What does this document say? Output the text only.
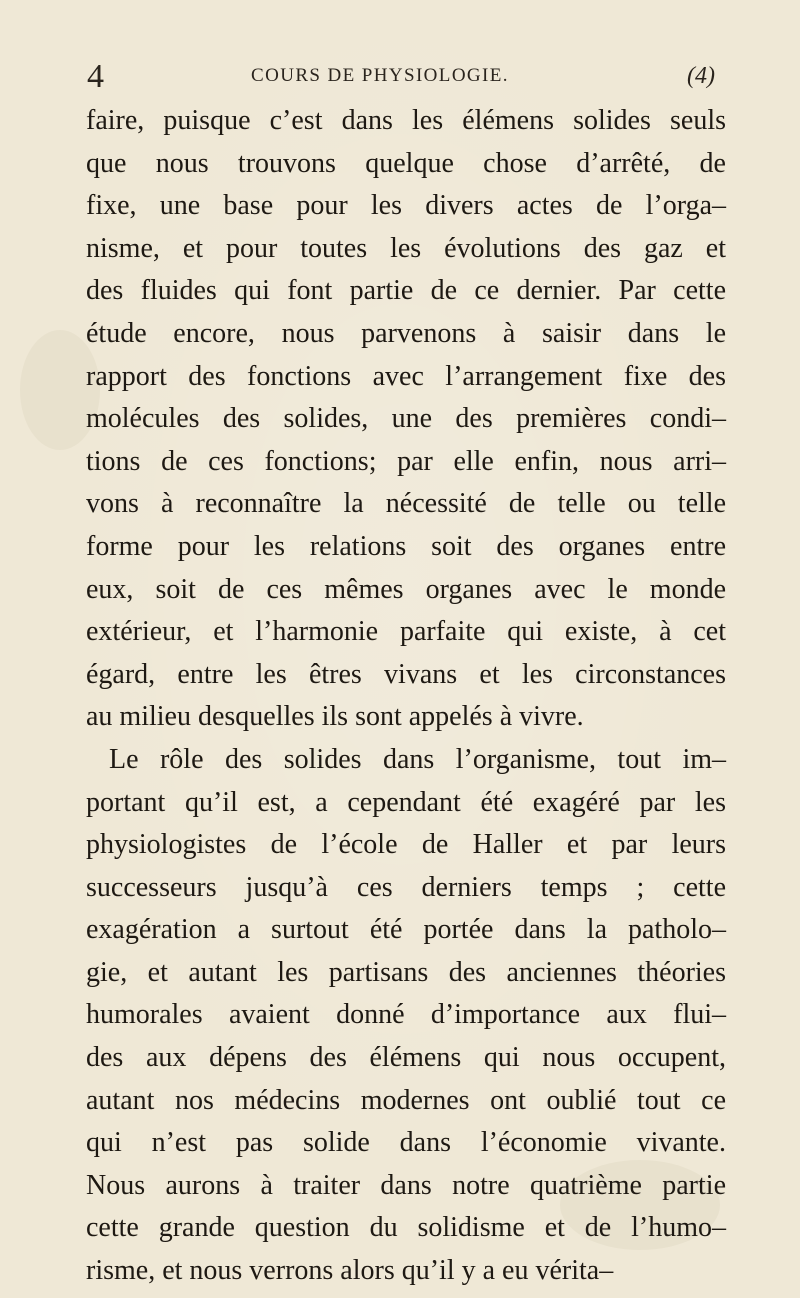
4	COURS DE PHYSIOLOGIE.	(4)
faire, puisque c’est dans les élémens solides seuls
que nous trouvons quelque chose d’arrêté, de
fixe, une base pour les divers actes de l’orga–
nisme, et pour toutes les évolutions des gaz et
des fluides qui font partie de ce dernier. Par cette
étude encore, nous parvenons à saisir dans le
rapport des fonctions avec l’arrangement fixe des
molécules des solides, une des premières condi–
tions de ces fonctions; par elle enfin, nous arri–
vons à reconnaître la nécessité de telle ou telle
forme pour les relations soit des organes entre
eux, soit de ces mêmes organes avec le monde
extérieur, et l’harmonie parfaite qui existe, à cet
égard, entre les êtres vivans et les circonstances
au milieu desquelles ils sont appelés à vivre.
Le rôle des solides dans l’organisme, tout im–
portant qu’il est, a cependant été exagéré par les
physiologistes de l’école de Haller et par leurs
successeurs jusqu’à ces derniers temps ; cette
exagération a surtout été portée dans la patholo–
gie, et autant les partisans des anciennes théories
humorales avaient donné d’importance aux flui–
des aux dépens des élémens qui nous occupent,
autant nos médecins modernes ont oublié tout ce
qui n’est pas solide dans l’économie vivante.
Nous aurons à traiter dans notre quatrième partie
cette grande question du solidisme et de l’humo–
risme, et nous verrons alors qu’il y a eu vérita–
